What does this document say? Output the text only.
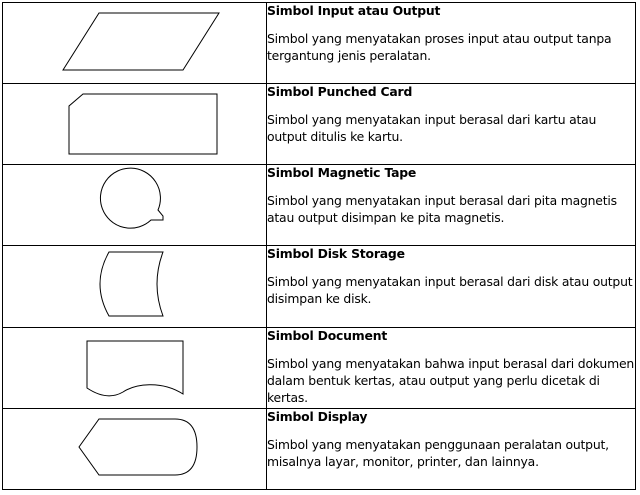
Simbol Input atau Output

Simbol yang menyatakan proses input atau output tanpa tergantung jenis peralatan.

Simbol Punched Card

Simbol yang menyatakan input berasal dari kartu atau output ditulis ke kartu.

Simbol Magnetic Tape

Simbol yang menyatakan input berasal dari pita magnetis atau output disimpan ke pita magnetis.

Simbol Disk Storage

Simbol yang menyatakan input berasal dari disk atau output disimpan ke disk.

Simbol Document

Simbol yang menyatakan bahwa input berasal dari dokumen dalam bentuk kertas, atau output yang perlu dicetak di kertas.

Simbol Display

Simbol yang menyatakan penggunaan peralatan output, misalnya layar, monitor, printer, dan lainnya.
